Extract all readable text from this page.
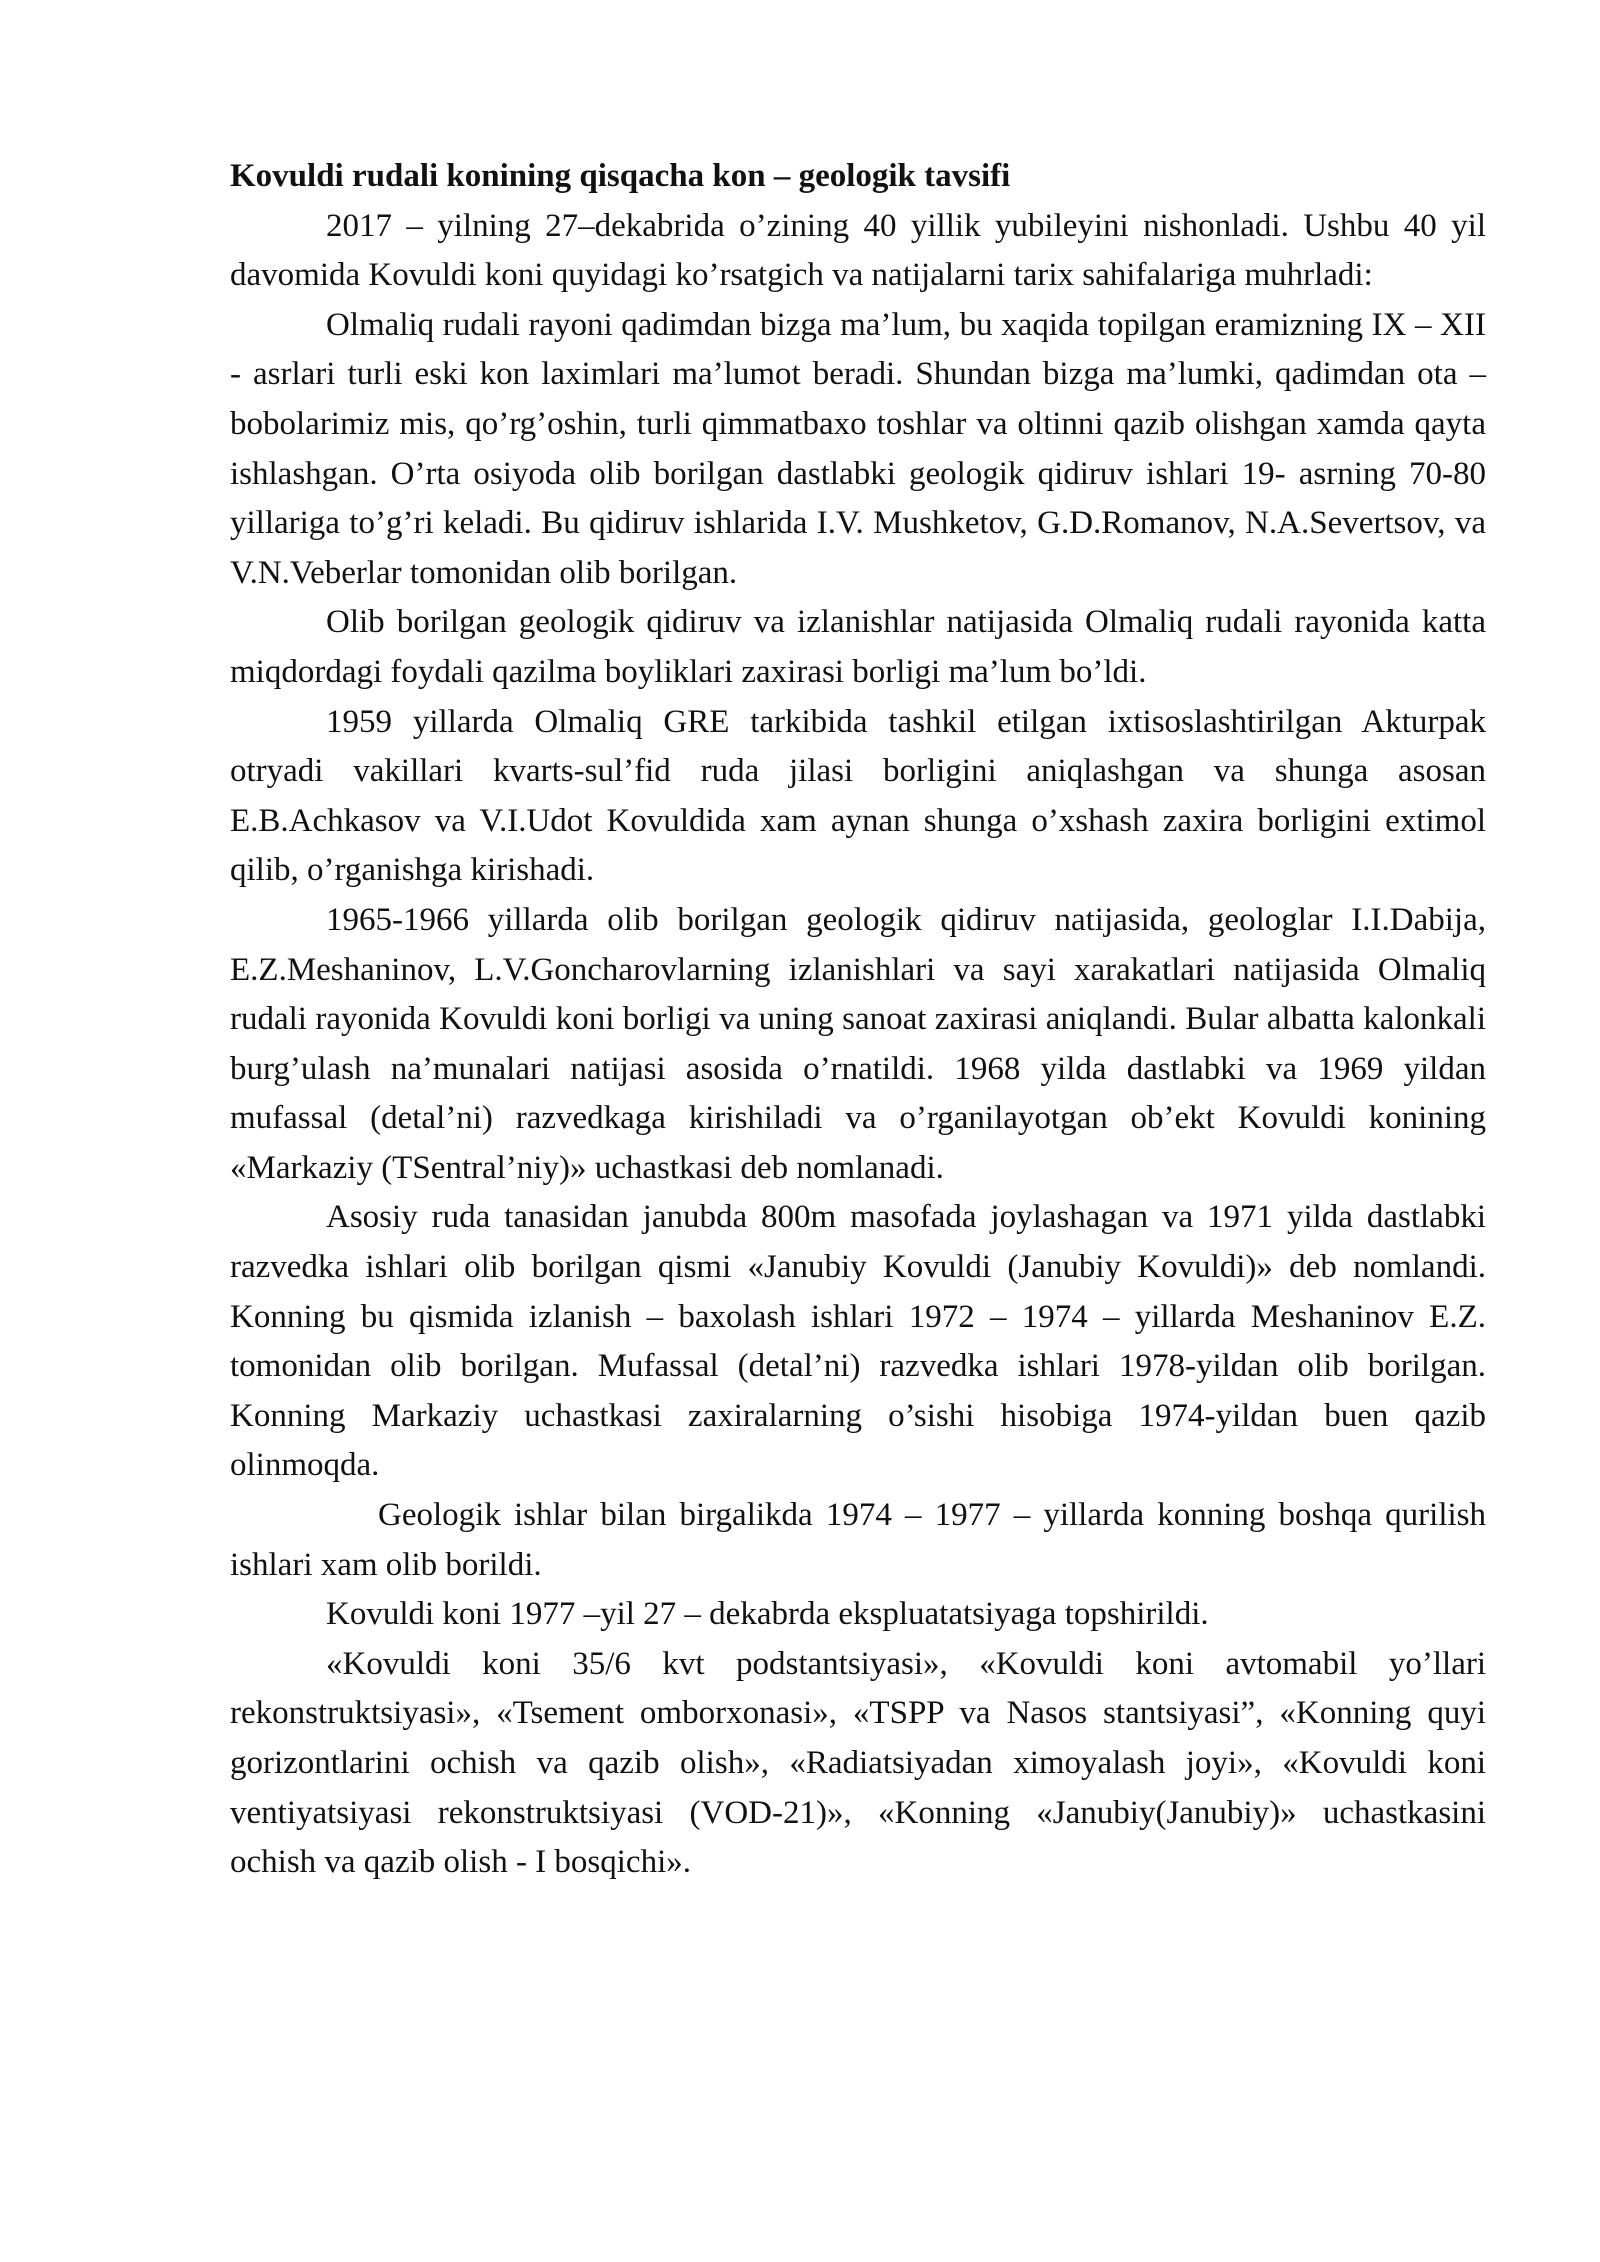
Kovuldi rudali konining qisqacha kon – geologik tavsifi

2017 – yilning 27–dekabrida o’zining 40 yillik yubileyini nishonladi. Ushbu 40 yil davomida Kovuldi koni quyidagi ko’rsatgich va natijalarni tarix sahifalariga muhrladi:

Olmaliq rudali rayoni qadimdan bizga ma’lum, bu xaqida topilgan eramizning IX – XII - asrlari turli eski kon laximlari ma’lumot beradi. Shundan bizga ma’lumki, qadimdan ota – bobolarimiz mis, qo’rg’oshin, turli qimmatbaxo toshlar va oltinni qazib olishgan xamda qayta ishlashgan. O’rta osiyoda olib borilgan dastlabki geologik qidiruv ishlari 19- asrning 70-80 yillariga to’g’ri keladi. Bu qidiruv ishlarida I.V. Mushketov, G.D.Romanov, N.A.Severtsov, va V.N.Veberlar tomonidan olib borilgan.

Olib borilgan geologik qidiruv va izlanishlar natijasida Olmaliq rudali rayonida katta miqdordagi foydali qazilma boyliklari zaxirasi borligi ma’lum bo’ldi.

1959 yillarda Olmaliq GRE tarkibida tashkil etilgan ixtisoslashtirilgan Akturpak otryadi vakillari kvarts-sul’fid ruda jilasi borligini aniqlashgan va shunga asosan E.B.Achkasov va V.I.Udot Kovuldida xam aynan shunga o’xshash zaxira borligini extimol qilib, o’rganishga kirishadi.

1965-1966 yillarda olib borilgan geologik qidiruv natijasida, geologlar I.I.Dabija, E.Z.Meshaninov, L.V.Goncharovlarning izlanishlari va sayi xarakatlari natijasida Olmaliq rudali rayonida Kovuldi koni borligi va uning sanoat zaxirasi aniqlandi. Bular albatta kalonkali burg’ulash na’munalari natijasi asosida o’rnatildi. 1968 yilda dastlabki va 1969 yildan mufassal (detal’ni) razvedkaga kirishiladi va o’rganilayotgan ob’ekt Kovuldi konining «Markaziy (TSentral’niy)» uchastkasi deb nomlanadi.

Asosiy ruda tanasidan janubda 800m masofada joylashagan va 1971 yilda dastlabki razvedka ishlari olib borilgan qismi «Janubiy Kovuldi (Janubiy Kovuldi)» deb nomlandi. Konning bu qismida izlanish – baxolash ishlari 1972 – 1974 – yillarda Meshaninov E.Z. tomonidan olib borilgan. Mufassal (detal’ni) razvedka ishlari 1978-yildan olib borilgan. Konning Markaziy uchastkasi zaxiralarning o’sishi hisobiga 1974-yildan buen qazib olinmoqda.

Geologik ishlar bilan birgalikda 1974 – 1977 – yillarda konning boshqa qurilish ishlari xam olib borildi.

Kovuldi koni 1977 –yil 27 – dekabrda ekspluatatsiyaga topshirildi.

«Kovuldi koni 35/6 kvt podstantsiyasi», «Kovuldi koni avtomabil yo’llari rekonstruktsiyasi», «Tsement omborxonasi», «TSPP va Nasos stantsiyasi”, «Konning quyi gorizontlarini ochish va qazib olish», «Radiatsiyadan ximoyalash joyi», «Kovuldi koni ventiyatsiyasi rekonstruktsiyasi (VOD-21)», «Konning «Janubiy(Janubiy)» uchastkasini ochish va qazib olish - I bosqichi».
